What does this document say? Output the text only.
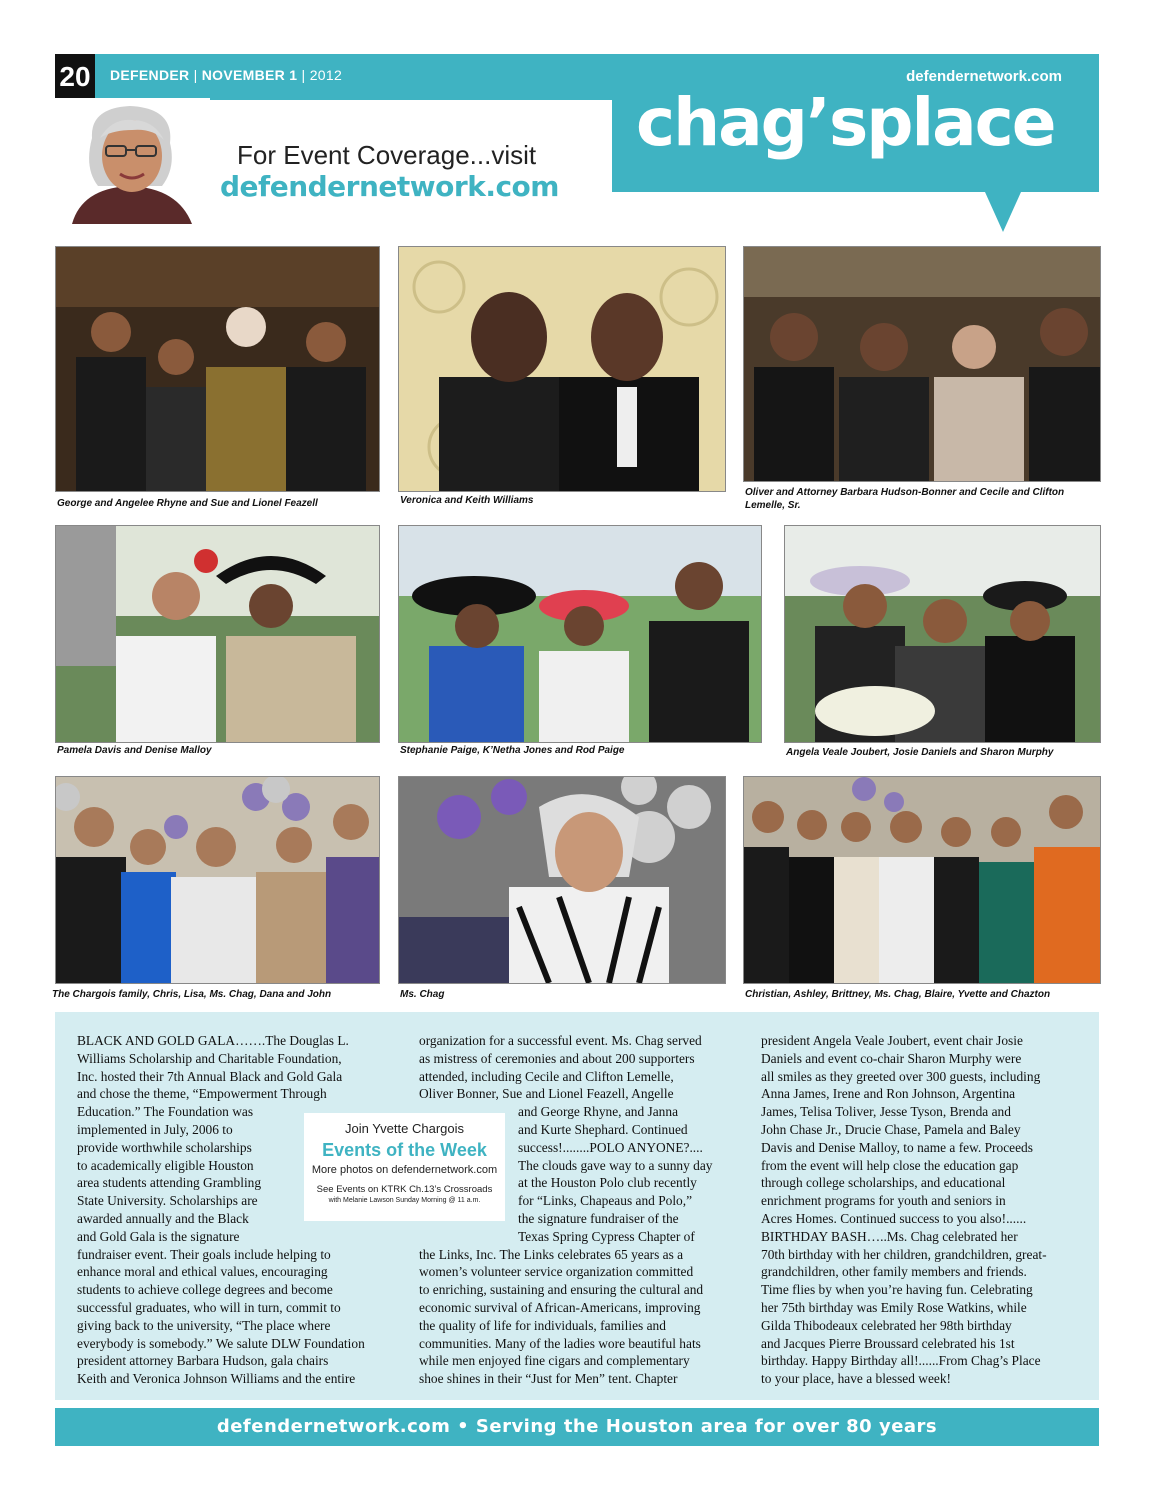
20	DEFENDER | NOVEMBER 1 | 2012	defendernetwork.com
chag’splace
For Event Coverage...visit
defendernetwork.com
George and Angelee Rhyne and Sue and Lionel Feazell	Veronica and Keith Williams
Oliver and Attorney Barbara Hudson-Bonner and Cecile and Clifton Lemelle, Sr.
Pamela Davis and Denise Malloy	Stephanie Paige, K’Netha Jones and Rod Paige	Angela Veale Joubert, Josie Daniels and Sharon Murphy
The Chargois family, Chris, Lisa, Ms. Chag, Dana and John	Ms. Chag	Christian, Ashley, Brittney, Ms. Chag, Blaire, Yvette and Chazton
BLACK AND GOLD GALA…….The Douglas L.
Williams Scholarship and Charitable Foundation,
Inc. hosted their 7th Annual Black and Gold Gala
and chose the theme, “Empowerment Through
Education.” The Foundation was
implemented in July, 2006 to
provide worthwhile scholarships
to academically eligible Houston
area students attending Grambling
State University. Scholarships are
awarded annually and the Black
and Gold Gala is the signature
fundraiser event. Their goals include helping to
enhance moral and ethical values, encouraging
students to achieve college degrees and become
successful graduates, who will in turn, commit to
giving back to the university, “The place where
everybody is somebody.” We salute DLW Foundation
president attorney Barbara Hudson, gala chairs
Keith and Veronica Johnson Williams and the entire
organization for a successful event. Ms. Chag served
as mistress of ceremonies and about 200 supporters
attended, including Cecile and Clifton Lemelle,
Oliver Bonner, Sue and Lionel Feazell, Angelle
and George Rhyne, and Janna
and Kurte Shephard. Continued
success!........POLO ANYONE?....
The clouds gave way to a sunny day
at the Houston Polo club recently
for “Links, Chapeaus and Polo,”
the signature fundraiser of the
Texas Spring Cypress Chapter of
the Links, Inc. The Links celebrates 65 years as a
women’s volunteer service organization committed
to enriching, sustaining and ensuring the cultural and
economic survival of African-Americans, improving
the quality of life for individuals, families and
communities. Many of the ladies wore beautiful hats
while men enjoyed fine cigars and complementary
shoe shines in their “Just for Men” tent. Chapter
president Angela Veale Joubert, event chair Josie
Daniels and event co-chair Sharon Murphy were
all smiles as they greeted over 300 guests, including
Anna James, Irene and Ron Johnson, Argentina
James, Telisa Toliver, Jesse Tyson, Brenda and
John Chase Jr., Drucie Chase, Pamela and Baley
Davis and Denise Malloy, to name a few. Proceeds
from the event will help close the education gap
through college scholarships, and educational
enrichment programs for youth and seniors in
Acres Homes. Continued success to you also!......
BIRTHDAY BASH…..Ms. Chag celebrated her
70th birthday with her children, grandchildren, great-
grandchildren, other family members and friends.
Time flies by when you’re having fun. Celebrating
her 75th birthday was Emily Rose Watkins, while
Gilda Thibodeaux celebrated her 98th birthday
and Jacques Pierre Broussard celebrated his 1st
birthday. Happy Birthday all!......From Chag’s Place
to your place, have a blessed week!
Join Yvette Chargois
Events of the Week
More photos on defendernetwork.com
See Events on KTRK Ch.13’s Crossroads
with Melanie Lawson Sunday Morning @ 11 a.m.
defendernetwork.com • Serving the Houston area for over 80 years
